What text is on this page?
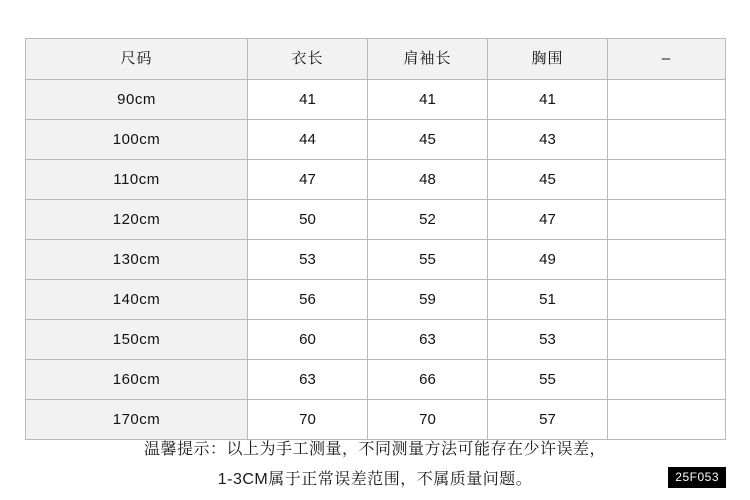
尺码	衣长	肩袖长	胸围	–
90cm	41	41	41	
100cm	44	45	43	
110cm	47	48	45	
120cm	50	52	47	
130cm	53	55	49	
140cm	56	59	51	
150cm	60	63	53	
160cm	63	66	55	
170cm	70	70	57	
温馨提示：以上为手工测量，不同测量方法可能存在少许误差，
1-3CM属于正常误差范围，不属质量问题。	25F053
